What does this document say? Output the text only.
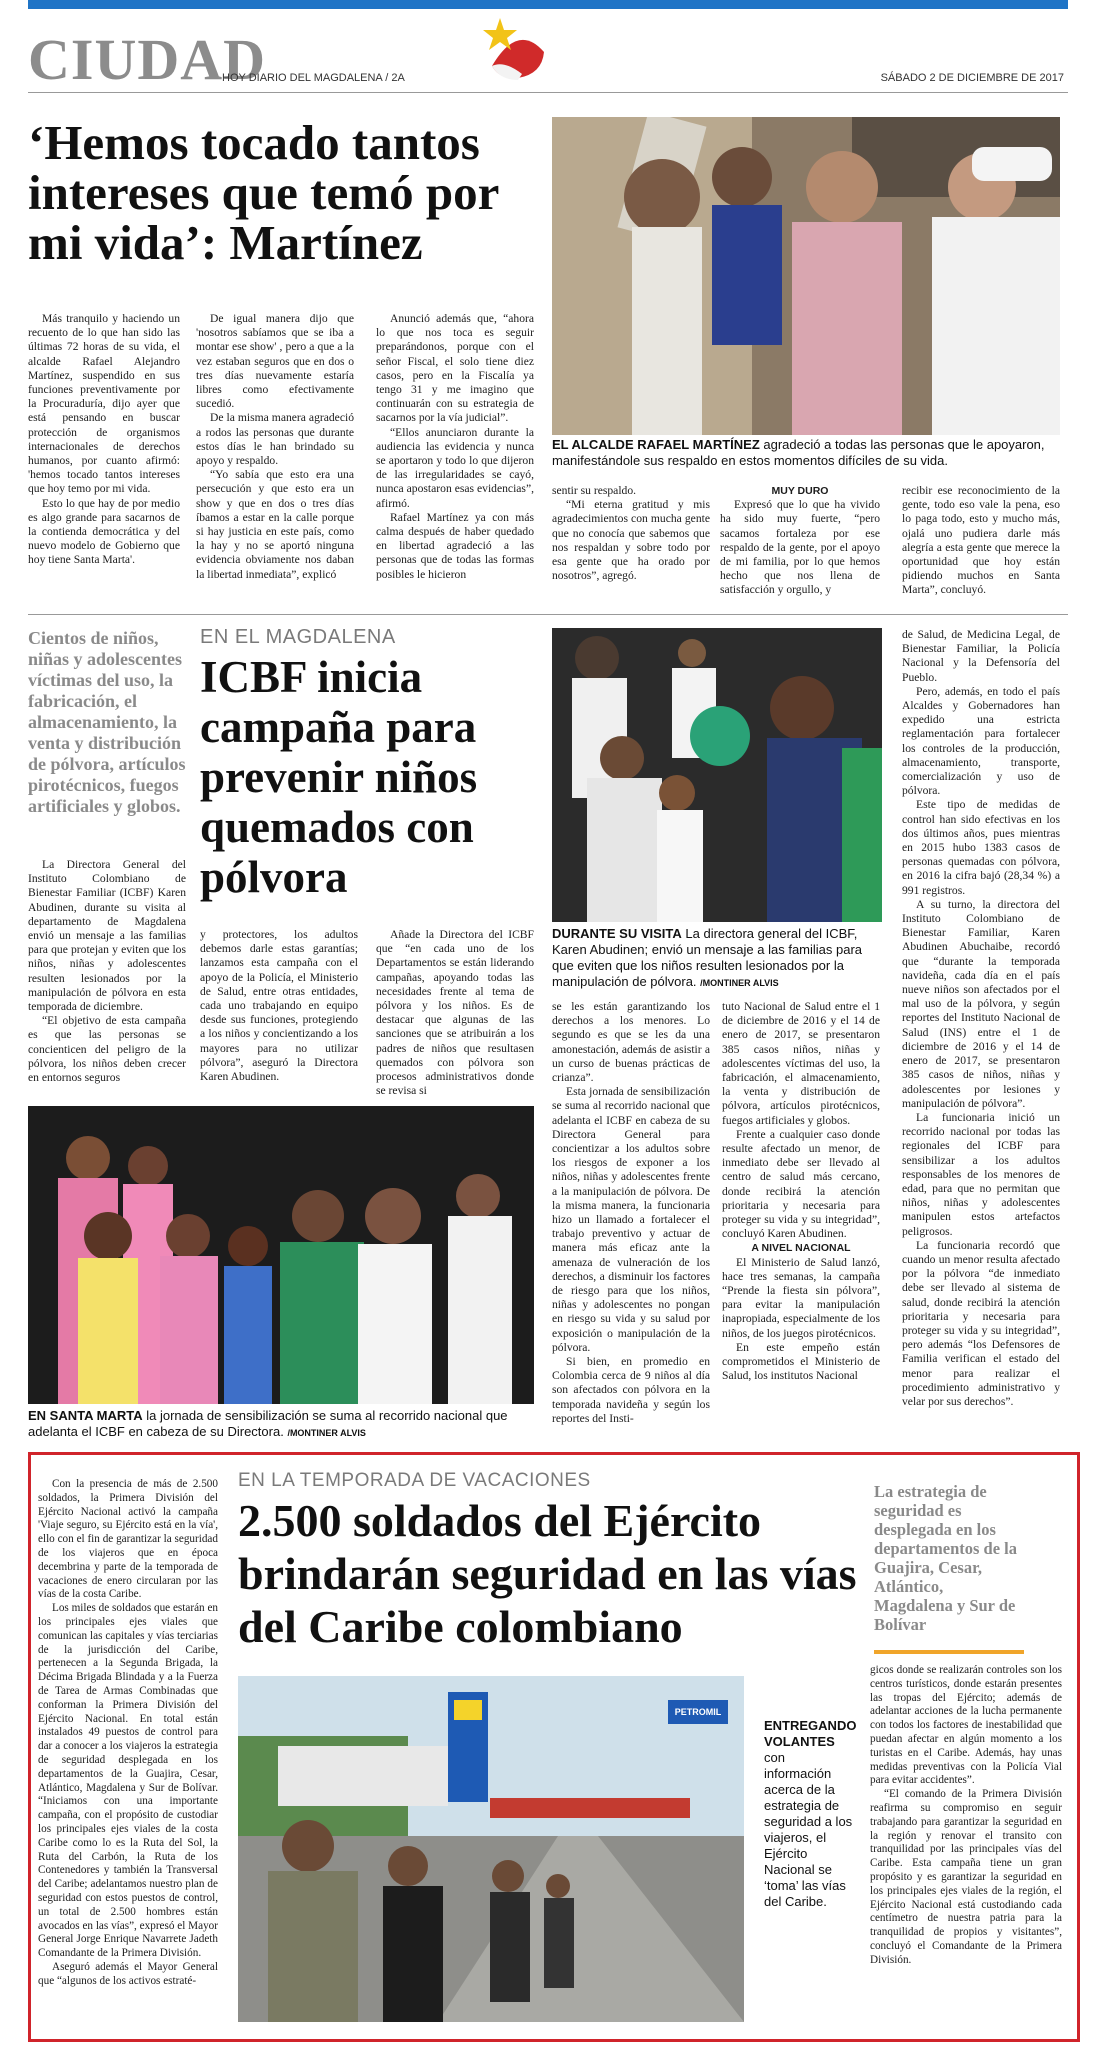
CIUDAD
HOY DIARIO DEL MAGDALENA / 2A	SÁBADO 2 DE DICIEMBRE DE 2017
‘Hemos tocado tantos intereses que temó por mi vida’: Martínez
EL ALCALDE RAFAEL MARTÍNEZ agradeció a todas las personas que le apoyaron, manifestándole sus respaldo en estos momentos difíciles de su vida.

Más tranquilo y haciendo un recuento de lo que han sido las últimas 72 horas de su vida, el alcalde Rafael Alejandro Martínez, suspendido en sus funciones preventivamente por la Procuraduría, dijo ayer que está pensando en buscar protección de organismos internacionales de derechos humanos, por cuanto afirmó: 'hemos tocado tantos intereses que hoy temo por mi vida.

Esto lo que hay de por medio es algo grande para sacarnos de la contienda democrática y del nuevo modelo de Gobierno que hoy tiene Santa Marta'.

De igual manera dijo que 'nosotros sabíamos que se iba a montar ese show' , pero a que a la vez estaban seguros que en dos o tres días nuevamente estaría libres como efectivamente sucedió.

De la misma manera agradeció a rodos las personas que durante estos días le han brindado su apoyo y respaldo.

“Yo sabía que esto era una persecución y que esto era un show y que en dos o tres días íbamos a estar en la calle porque si hay justicia en este país, como la hay y no se aportó ninguna evidencia obviamente nos daban la libertad inmediata”, explicó

Anunció además que, “ahora lo que nos toca es seguir preparándonos, porque con el señor Fiscal, el solo tiene diez casos, pero en la Fiscalía ya tengo 31 y me imagino que continuarán con su estrategia de sacarnos por la vía judicial”.

“Ellos anunciaron durante la audiencia las evidencia y nunca se aportaron y todo lo que dijeron de las irregularidades se cayó, nunca apostaron esas evidencias”, afirmó.

Rafael Martínez ya con más calma después de haber quedado en libertad agradeció a las personas que de todas las formas posibles le hicieron

sentir su respaldo.

“Mi eterna gratitud y mis agradecimientos con mucha gente que no conocía que sabemos que nos respaldan y sobre todo por esa gente que ha orado por nosotros”, agregó.

MUY DURO

Expresó que lo que ha vivido ha sido muy fuerte, “pero sacamos fortaleza por ese respaldo de la gente, por el apoyo de mi familia, por lo que hemos hecho que nos llena de satisfacción y orgullo, y

recibir ese reconocimiento de la gente, todo eso vale la pena, eso lo paga todo, esto y mucho más, ojalá uno pudiera darle más alegría a esta gente que merece la oportunidad que hoy están pidiendo muchos en Santa Marta”, concluyó.

Cientos de niños, niñas y adolescentes víctimas del uso, la fabricación, el almacenamiento, la venta y distribución de pólvora, artículos pirotécnicos, fuegos artificiales y globos.
EN EL MAGDALENA
ICBF inicia campaña para prevenir niños quemados con pólvora

La Directora General del Instituto Colombiano de Bienestar Familiar (ICBF) Karen Abudinen, durante su visita al departamento de Magdalena envió un mensaje a las familias para que protejan y eviten que los niños, niñas y adolescentes resulten lesionados por la manipulación de pólvora en esta temporada de diciembre.

“El objetivo de esta campaña es que las personas se concienticen del peligro de la pólvora, los niños deben crecer en entornos seguros

y protectores, los adultos debemos darle estas garantías; lanzamos esta campaña con el apoyo de la Policía, el Ministerio de Salud, entre otras entidades, cada uno trabajando en equipo desde sus funciones, protegiendo a los niños y concientizando a los mayores para no utilizar pólvora”, aseguró la Directora Karen Abudinen.

Añade la Directora del ICBF que “en cada uno de los Departamentos se están liderando campañas, apoyando todas las necesidades frente al tema de pólvora y los niños. Es de destacar que algunas de las sanciones que se atribuirán a los padres de niños que resultasen quemados con pólvora son procesos administrativos donde se revisa si

DURANTE SU VISITA La directora general del ICBF, Karen Abudinen; envió un mensaje a las familias para que eviten que los niños resulten lesionados por la manipulación de pólvora. /MONTINER ALVIS

se les están garantizando los derechos a los menores. Lo segundo es que se les da una amonestación, además de asistir a un curso de buenas prácticas de crianza”.

Esta jornada de sensibilización se suma al recorrido nacional que adelanta el ICBF en cabeza de su Directora General para concientizar a los adultos sobre los riesgos de exponer a los niños, niñas y adolescentes frente a la manipulación de pólvora. De la misma manera, la funcionaria hizo un llamado a fortalecer el trabajo preventivo y actuar de manera más eficaz ante la amenaza de vulneración de los derechos, a disminuir los factores de riesgo para que los niños, niñas y adolescentes no pongan en riesgo su vida y su salud por exposición o manipulación de la pólvora.

Si bien, en promedio en Colombia cerca de 9 niños al día son afectados con pólvora en la temporada navideña y según los reportes del Insti-

tuto Nacional de Salud entre el 1 de diciembre de 2016 y el 14 de enero de 2017, se presentaron 385 casos niños, niñas y adolescentes víctimas del uso, la fabricación, el almacenamiento, la venta y distribución de pólvora, artículos pirotécnicos, fuegos artificiales y globos.

Frente a cualquier caso donde resulte afectado un menor, de inmediato debe ser llevado al centro de salud más cercano, donde recibirá la atención prioritaria y necesaria para proteger su vida y su integridad”, concluyó Karen Abudinen.

A NIVEL NACIONAL

El Ministerio de Salud lanzó, hace tres semanas, la campaña “Prende la fiesta sin pólvora”, para evitar la manipulación inapropiada, especialmente de los niños, de los juegos pirotécnicos.

En este empeño están comprometidos el Ministerio de Salud, los institutos Nacional

de Salud, de Medicina Legal, de Bienestar Familiar, la Policía Nacional y la Defensoría del Pueblo.

Pero, además, en todo el país Alcaldes y Gobernadores han expedido una estricta reglamentación para fortalecer los controles de la producción, almacenamiento, transporte, comercialización y uso de pólvora.

Este tipo de medidas de control han sido efectivas en los dos últimos años, pues mientras en 2015 hubo 1383 casos de personas quemadas con pólvora, en 2016 la cifra bajó (28,34 %) a 991 registros.

A su turno, la directora del Instituto Colombiano de Bienestar Familiar, Karen Abudinen Abuchaibe, recordó que “durante la temporada navideña, cada día en el país nueve niños son afectados por el mal uso de la pólvora, y según reportes del Instituto Nacional de Salud (INS) entre el 1 de diciembre de 2016 y el 14 de enero de 2017, se presentaron 385 casos de niños, niñas y adolescentes por lesiones y manipulación de pólvora”.

La funcionaria inició un recorrido nacional por todas las regionales del ICBF para sensibilizar a los adultos responsables de los menores de edad, para que no permitan que niños, niñas y adolescentes manipulen estos artefactos peligrosos.

La funcionaria recordó que cuando un menor resulta afectado por la pólvora “de inmediato debe ser llevado al sistema de salud, donde recibirá la atención prioritaria y necesaria para proteger su vida y su integridad”, pero además “los Defensores de Familia verifican el estado del menor para realizar el procedimiento administrativo y velar por sus derechos”.

EN SANTA MARTA la jornada de sensibilización se suma al recorrido nacional que adelanta el ICBF en cabeza de su Directora. /MONTINER ALVIS

Con la presencia de más de 2.500 soldados, la Primera División del Ejército Nacional activó la campaña 'Viaje seguro, su Ejército está en la vía', ello con el fin de garantizar la seguridad de los viajeros que en época decembrina y parte de la temporada de vacaciones de enero circularan por las vías de la costa Caribe.

Los miles de soldados que estarán en los principales ejes viales que comunican las capitales y vías terciarias de la jurisdicción del Caribe, pertenecen a la Segunda Brigada, la Décima Brigada Blindada y a la Fuerza de Tarea de Armas Combinadas que conforman la Primera División del Ejército Nacional. En total están instalados 49 puestos de control para dar a conocer a los viajeros la estrategia de seguridad desplegada en los departamentos de la Guajira, Cesar, Atlántico, Magdalena y Sur de Bolívar. “Iniciamos con una importante campaña, con el propósito de custodiar los principales ejes viales de la costa Caribe como lo es la Ruta del Sol, la Ruta del Carbón, la Ruta de los Contenedores y también la Transversal del Caribe; adelantamos nuestro plan de seguridad con estos puestos de control, un total de 2.500 hombres están avocados en las vías”, expresó el Mayor General Jorge Enrique Navarrete Jadeth Comandante de la Primera División.

Aseguró además el Mayor General que “algunos de los activos estraté-

EN LA TEMPORADA DE VACACIONES
2.500 soldados del Ejército brindarán seguridad en las vías del Caribe colombiano
La estrategia de seguridad es desplegada en los departamentos de la Guajira, Cesar, Atlántico, Magdalena y Sur de Bolívar
PETROMIL
ENTREGANDO VOLANTES con información acerca de la estrategia de seguridad a los viajeros, el Ejército Nacional se ‘toma’ las vías del Caribe.

gicos donde se realizarán controles son los centros turísticos, donde estarán presentes las tropas del Ejército; además de adelantar acciones de la lucha permanente con todos los factores de inestabilidad que puedan afectar en algún momento a los turistas en el Caribe. Además, hay unas medidas preventivas con la Policía Vial para evitar accidentes”.

“El comando de la Primera División reafirma su compromiso en seguir trabajando para garantizar la seguridad en la región y renovar el transito con tranquilidad por las principales vías del Caribe. Esta campaña tiene un gran propósito y es garantizar la seguridad en los principales ejes viales de la región, el Ejército Nacional está custodiando cada centímetro de nuestra patria para la tranquilidad de propios y visitantes”, concluyó el Comandante de la Primera División.
